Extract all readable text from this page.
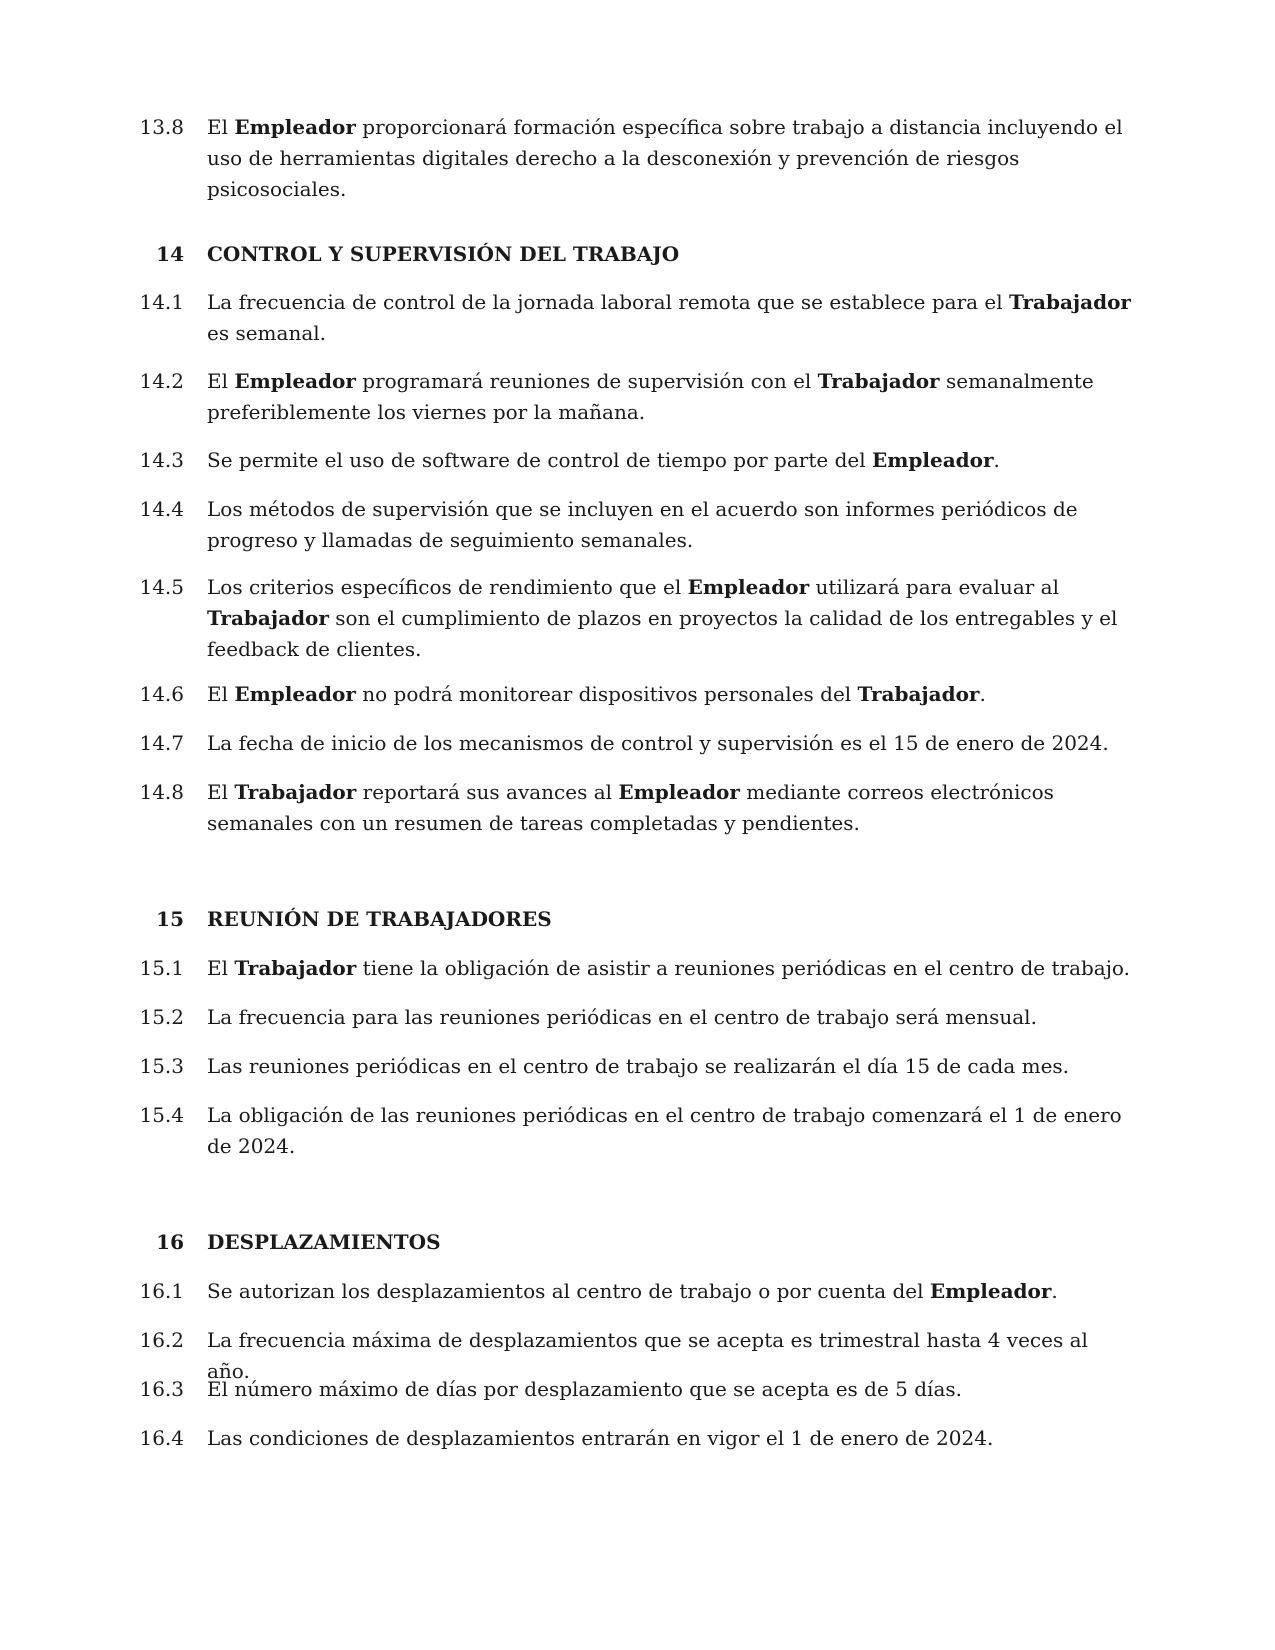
13.8 El Empleador proporcionará formación específica sobre trabajo a distancia incluyendo el uso de herramientas digitales derecho a la desconexión y prevención de riesgos psicosociales.

14 CONTROL Y SUPERVISIÓN DEL TRABAJO

14.1 La frecuencia de control de la jornada laboral remota que se establece para el Trabajador es semanal.

14.2 El Empleador programará reuniones de supervisión con el Trabajador semanalmente preferiblemente los viernes por la mañana.

14.3 Se permite el uso de software de control de tiempo por parte del Empleador.

14.4 Los métodos de supervisión que se incluyen en el acuerdo son informes periódicos de progreso y llamadas de seguimiento semanales.

14.5 Los criterios específicos de rendimiento que el Empleador utilizará para evaluar al Trabajador son el cumplimiento de plazos en proyectos la calidad de los entregables y el feedback de clientes.

14.6 El Empleador no podrá monitorear dispositivos personales del Trabajador.

14.7 La fecha de inicio de los mecanismos de control y supervisión es el 15 de enero de 2024.

14.8 El Trabajador reportará sus avances al Empleador mediante correos electrónicos semanales con un resumen de tareas completadas y pendientes.

15 REUNIÓN DE TRABAJADORES

15.1 El Trabajador tiene la obligación de asistir a reuniones periódicas en el centro de trabajo.

15.2 La frecuencia para las reuniones periódicas en el centro de trabajo será mensual.

15.3 Las reuniones periódicas en el centro de trabajo se realizarán el día 15 de cada mes.

15.4 La obligación de las reuniones periódicas en el centro de trabajo comenzará el 1 de enero de 2024.

16 DESPLAZAMIENTOS

16.1 Se autorizan los desplazamientos al centro de trabajo o por cuenta del Empleador.

16.2 La frecuencia máxima de desplazamientos que se acepta es trimestral hasta 4 veces al año.

16.3 El número máximo de días por desplazamiento que se acepta es de 5 días.

16.4 Las condiciones de desplazamientos entrarán en vigor el 1 de enero de 2024.
